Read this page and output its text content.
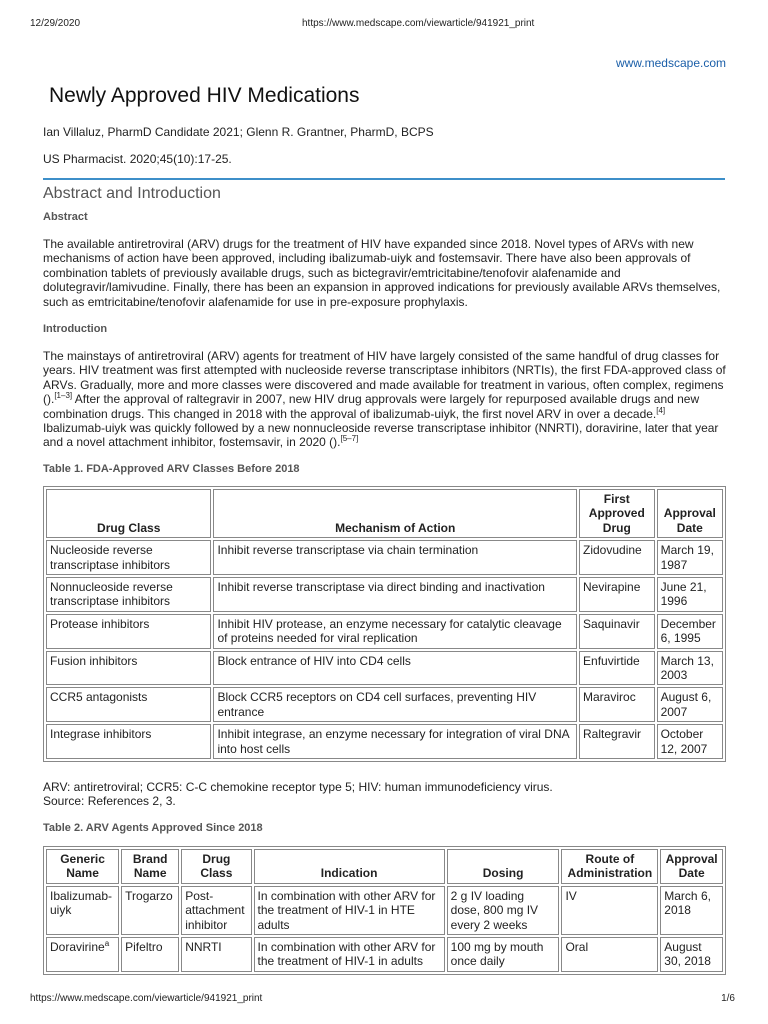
12/29/2020	https://www.medscape.com/viewarticle/941921_print
www.medscape.com
Newly Approved HIV Medications
Ian Villaluz, PharmD Candidate 2021; Glenn R. Grantner, PharmD, BCPS
US Pharmacist. 2020;45(10):17-25.
Abstract and Introduction
Abstract

The available antiretroviral (ARV) drugs for the treatment of HIV have expanded since 2018. Novel types of ARVs with new mechanisms of action have been approved, including ibalizumab-uiyk and fostemsavir. There have also been approvals of combination tablets of previously available drugs, such as bictegravir/emtricitabine/tenofovir alafenamide and dolutegravir/lamivudine. Finally, there has been an expansion in approved indications for previously available ARVs themselves, such as emtricitabine/tenofovir alafenamide for use in pre-exposure prophylaxis.

Introduction

The mainstays of antiretroviral (ARV) agents for treatment of HIV have largely consisted of the same handful of drug classes for years. HIV treatment was first attempted with nucleoside reverse transcriptase inhibitors (NRTIs), the first FDA-approved class of ARVs. Gradually, more and more classes were discovered and made available for treatment in various, often complex, regimens ().[1–3] After the approval of raltegravir in 2007, new HIV drug approvals were largely for repurposed available drugs and new combination drugs. This changed in 2018 with the approval of ibalizumab-uiyk, the first novel ARV in over a decade.[4] Ibalizumab-uiyk was quickly followed by a new nonnucleoside reverse transcriptase inhibitor (NNRTI), doravirine, later that year and a novel attachment inhibitor, fostemsavir, in 2020 ().[5–7]

Table 1. FDA-Approved ARV Classes Before 2018
Drug Class	Mechanism of Action	First Approved Drug	Approval Date
Nucleoside reverse transcriptase inhibitors	Inhibit reverse transcriptase via chain termination	Zidovudine	March 19, 1987
Nonnucleoside reverse transcriptase inhibitors	Inhibit reverse transcriptase via direct binding and inactivation	Nevirapine	June 21, 1996
Protease inhibitors	Inhibit HIV protease, an enzyme necessary for catalytic cleavage of proteins needed for viral replication	Saquinavir	December 6, 1995
Fusion inhibitors	Block entrance of HIV into CD4 cells	Enfuvirtide	March 13, 2003
CCR5 antagonists	Block CCR5 receptors on CD4 cell surfaces, preventing HIV entrance	Maraviroc	August 6, 2007
Integrase inhibitors	Inhibit integrase, an enzyme necessary for integration of viral DNA into host cells	Raltegravir	October 12, 2007
ARV: antiretroviral; CCR5: C-C chemokine receptor type 5; HIV: human immunodeficiency virus.
Source: References 2, 3.
Table 2. ARV Agents Approved Since 2018
Generic Name	Brand Name	Drug Class	Indication	Dosing	Route of Administration	Approval Date
Ibalizumab-uiyk	Trogarzo	Post-attachment inhibitor	In combination with other ARV for the treatment of HIV-1 in HTE adults	2 g IV loading dose, 800 mg IV every 2 weeks	IV	March 6, 2018
Doravirine$^a$	Pifeltro	NNRTI	In combination with other ARV for the treatment of HIV-1 in adults	100 mg by mouth once daily	Oral	August 30, 2018
https://www.medscape.com/viewarticle/941921_print	1/6
